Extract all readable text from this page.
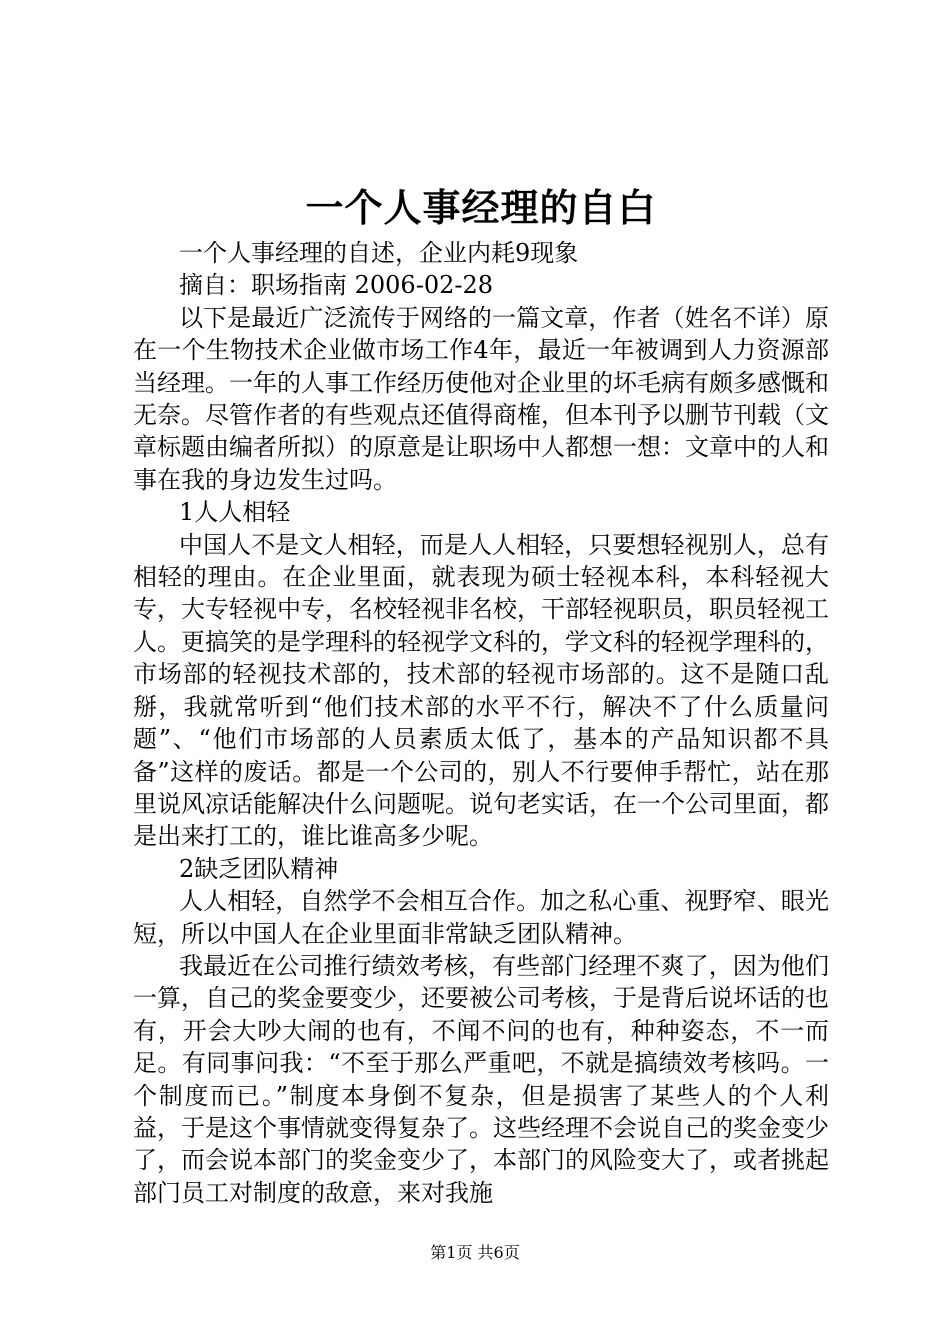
一个人事经理的自白

一个人事经理的自述，企业内耗9现象

摘自：职场指南 2006-02-28

以下是最近广泛流传于网络的一篇文章，作者（姓名不详）原在一个生物技术企业做市场工作4年，最近一年被调到人力资源部当经理。一年的人事工作经历使他对企业里的坏毛病有颇多感慨和无奈。尽管作者的有些观点还值得商榷，但本刊予以删节刊载（文章标题由编者所拟）的原意是让职场中人都想一想：文章中的人和事在我的身边发生过吗。

1人人相轻

中国人不是文人相轻，而是人人相轻，只要想轻视别人，总有相轻的理由。在企业里面，就表现为硕士轻视本科，本科轻视大专，大专轻视中专，名校轻视非名校，干部轻视职员，职员轻视工人。更搞笑的是学理科的轻视学文科的，学文科的轻视学理科的，市场部的轻视技术部的，技术部的轻视市场部的。这不是随口乱掰，我就常听到“他们技术部的水平不行，解决不了什么质量问题”、“他们市场部的人员素质太低了，基本的产品知识都不具备”这样的废话。都是一个公司的，别人不行要伸手帮忙，站在那里说风凉话能解决什么问题呢。说句老实话，在一个公司里面，都是出来打工的，谁比谁高多少呢。

2缺乏团队精神

人人相轻，自然学不会相互合作。加之私心重、视野窄、眼光短，所以中国人在企业里面非常缺乏团队精神。

我最近在公司推行绩效考核，有些部门经理不爽了，因为他们一算，自己的奖金要变少，还要被公司考核，于是背后说坏话的也有，开会大吵大闹的也有，不闻不问的也有，种种姿态，不一而足。有同事问我：“不至于那么严重吧，不就是搞绩效考核吗。一个制度而已。”制度本身倒不复杂，但是损害了某些人的个人利益，于是这个事情就变得复杂了。这些经理不会说自己的奖金变少了，而会说本部门的奖金变少了，本部门的风险变大了，或者挑起部门员工对制度的敌意，来对我施

第1页 共6页
